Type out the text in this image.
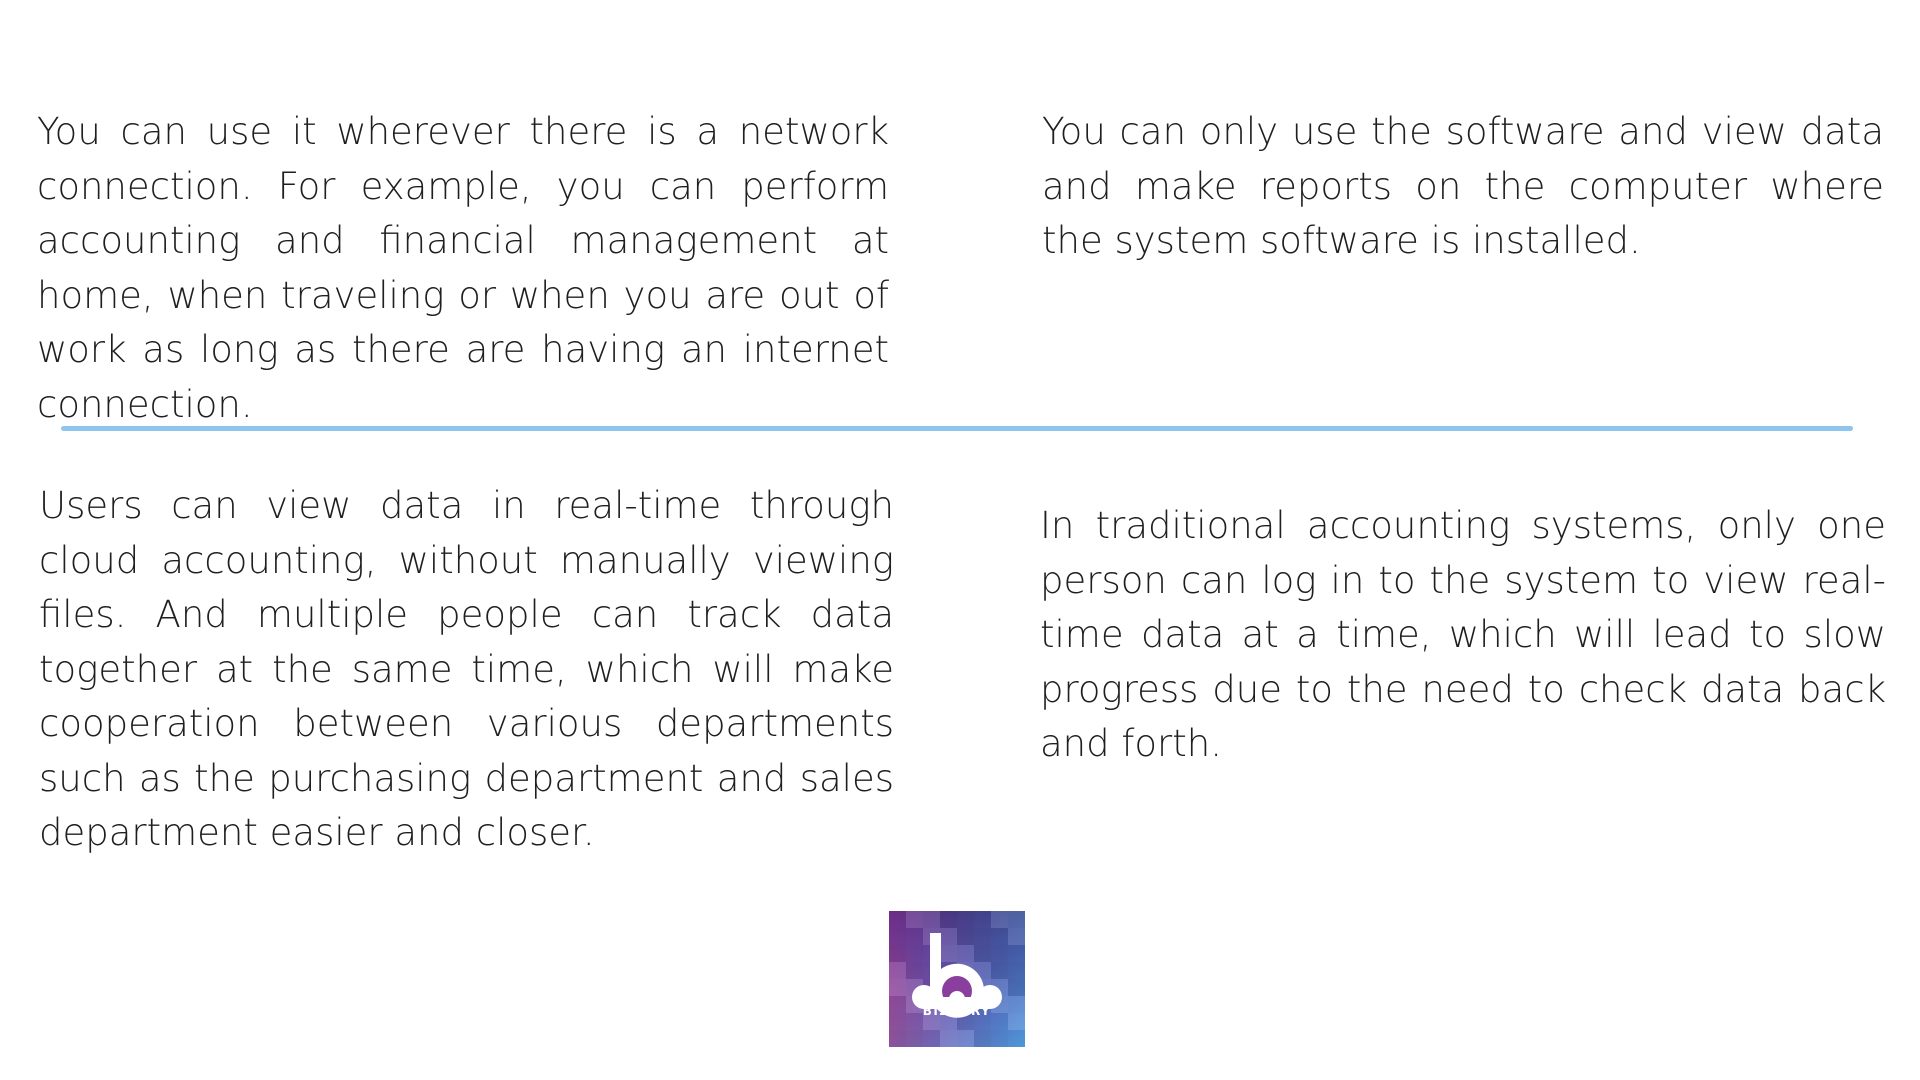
You can use it wherever there is a network connection. For example, you can perform accounting and financial management at home, when traveling or when you are out of work as long as there are having an internet connection.

You can only use the software and view data and make reports on the computer where the system software is installed.

Users can view data in real-time through cloud accounting, without manually viewing files. And multiple people can track data together at the same time, which will make cooperation between various departments such as the purchasing department and sales department easier and closer.

In traditional accounting systems, only one person can log in to the system to view real-time data at a time, which will lead to slow progress due to the need to check data back and forth.

BIZTORY
